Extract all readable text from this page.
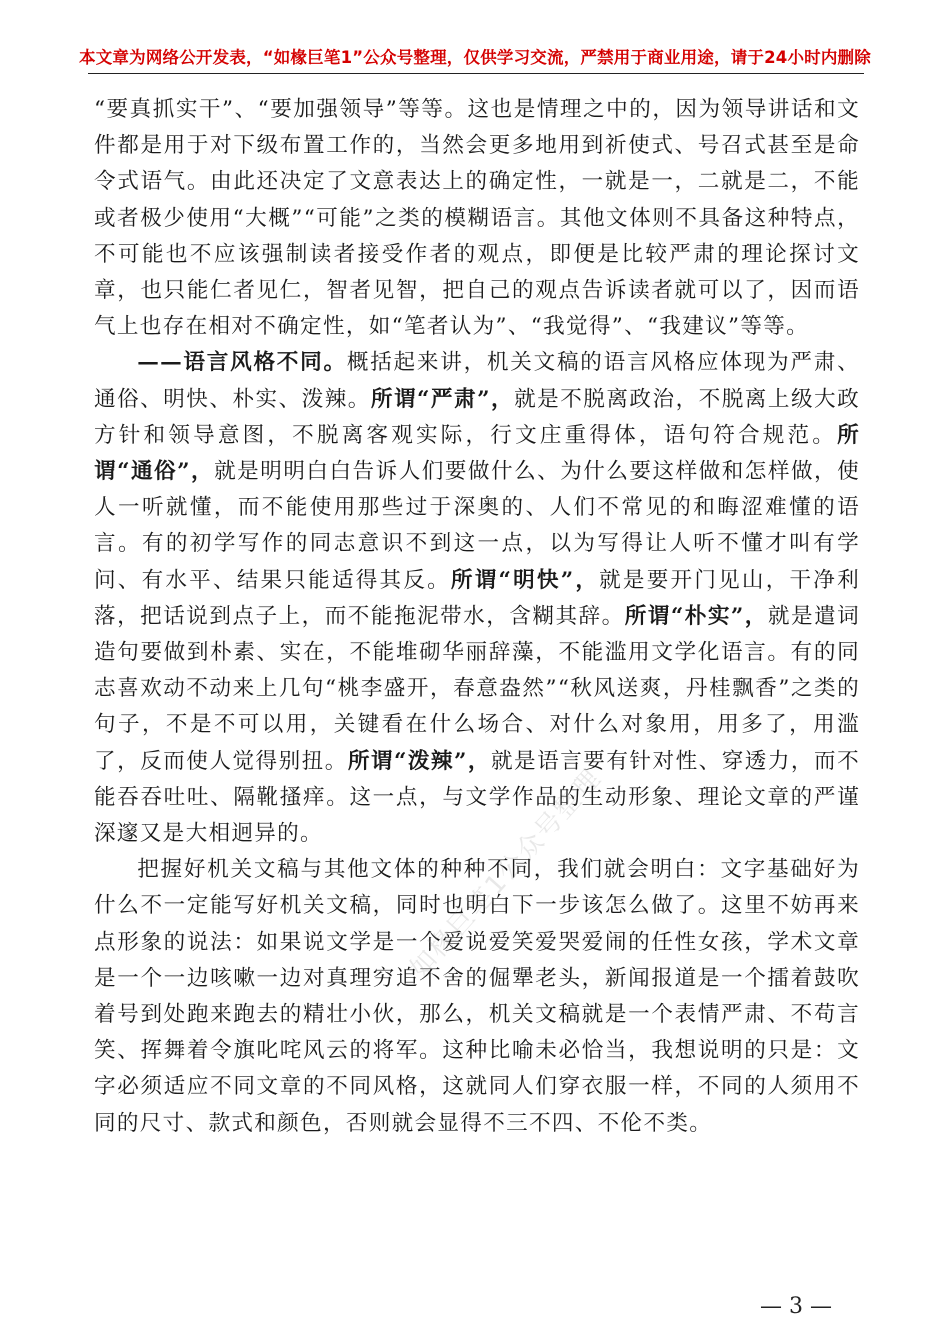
本文章为网络公开发表，“如椽巨笔1”公众号整理，仅供学习交流，严禁用于商业用途，请于24小时内删除

“要真抓实干”、“要加强领导”等等。这也是情理之中的，因为领导讲话和文件都是用于对下级布置工作的，当然会更多地用到祈使式、号召式甚至是命令式语气。由此还决定了文意表达上的确定性，一就是一，二就是二，不能或者极少使用“大概”“可能”之类的模糊语言。其他文体则不具备这种特点，不可能也不应该强制读者接受作者的观点，即便是比较严肃的理论探讨文章，也只能仁者见仁，智者见智，把自己的观点告诉读者就可以了，因而语气上也存在相对不确定性，如“笔者认为”、“我觉得”、“我建议”等等。

——语言风格不同。概括起来讲，机关文稿的语言风格应体现为严肃、通俗、明快、朴实、泼辣。所谓“严肃”，就是不脱离政治，不脱离上级大政方针和领导意图，不脱离客观实际，行文庄重得体，语句符合规范。所谓“通俗”，就是明明白白告诉人们要做什么、为什么要这样做和怎样做，使人一听就懂，而不能使用那些过于深奥的、人们不常见的和晦涩难懂的语言。有的初学写作的同志意识不到这一点，以为写得让人听不懂才叫有学问、有水平、结果只能适得其反。所谓“明快”，就是要开门见山，干净利落，把话说到点子上，而不能拖泥带水，含糊其辞。所谓“朴实”，就是遣词造句要做到朴素、实在，不能堆砌华丽辞藻，不能滥用文学化语言。有的同志喜欢动不动来上几句“桃李盛开，春意盎然”“秋风送爽，丹桂飘香”之类的句子，不是不可以用，关键看在什么场合、对什么对象用，用多了，用滥了，反而使人觉得别扭。所谓“泼辣”，就是语言要有针对性、穿透力，而不能吞吞吐吐、隔靴搔痒。这一点，与文学作品的生动形象、理论文章的严谨深邃又是大相迥异的。

把握好机关文稿与其他文体的种种不同，我们就会明白：文字基础好为什么不一定能写好机关文稿，同时也明白下一步该怎么做了。这里不妨再来点形象的说法：如果说文学是一个爱说爱笑爱哭爱闹的任性女孩，学术文章是一个一边咳嗽一边对真理穷追不舍的倔犟老头，新闻报道是一个擂着鼓吹着号到处跑来跑去的精壮小伙，那么，机关文稿就是一个表情严肃、不苟言笑、挥舞着令旗叱咤风云的将军。这种比喻未必恰当，我想说明的只是：文字必须适应不同文章的不同风格，这就同人们穿衣服一样，不同的人须用不同的尺寸、款式和颜色，否则就会显得不三不四、不伦不类。

如椽巨笔1公众号整理
— 3 —
